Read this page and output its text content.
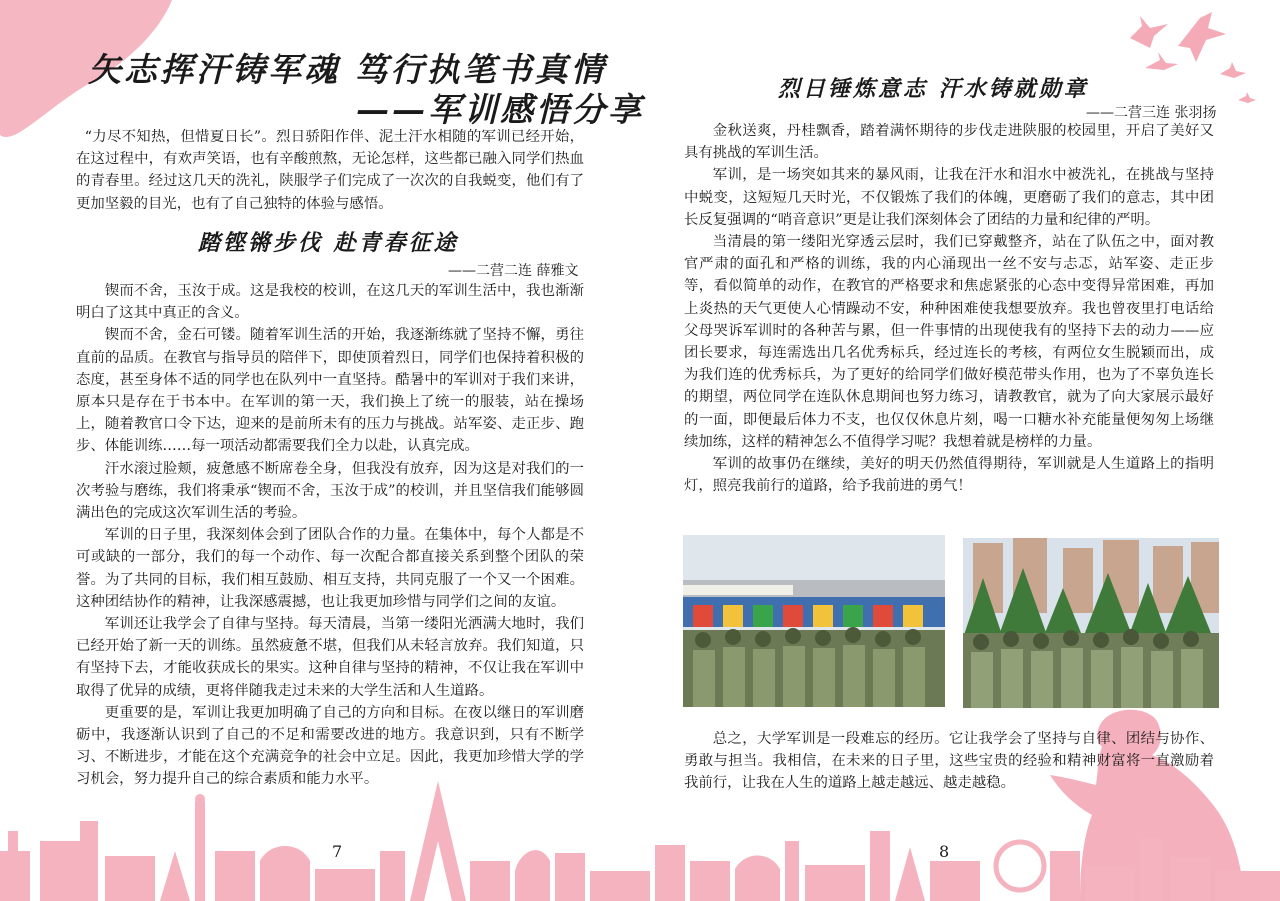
矢志挥汗铸军魂 笃行执笔书真情
——军训感悟分享

“力尽不知热，但惜夏日长”。烈日骄阳作伴、泥土汗水相随的军训已经开始，在这过程中，有欢声笑语，也有辛酸煎熬，无论怎样，这些都已融入同学们热血的青春里。经过这几天的洗礼，陕服学子们完成了一次次的自我蜕变，他们有了更加坚毅的目光，也有了自己独特的体验与感悟。

踏铿锵步伐 赴青春征途
——二营二连 薛雅文

锲而不舍，玉汝于成。这是我校的校训，在这几天的军训生活中，我也渐渐明白了这其中真正的含义。

锲而不舍，金石可镂。随着军训生活的开始，我逐渐练就了坚持不懈，勇往直前的品质。在教官与指导员的陪伴下，即使顶着烈日，同学们也保持着积极的态度，甚至身体不适的同学也在队列中一直坚持。酷暑中的军训对于我们来讲，原本只是存在于书本中。在军训的第一天，我们换上了统一的服装，站在操场上，随着教官口令下达，迎来的是前所未有的压力与挑战。站军姿、走正步、跑步、体能训练……每一项活动都需要我们全力以赴，认真完成。

汗水滚过脸颊，疲惫感不断席卷全身，但我没有放弃，因为这是对我们的一次考验与磨练，我们将秉承“锲而不舍，玉汝于成”的校训，并且坚信我们能够圆满出色的完成这次军训生活的考验。

军训的日子里，我深刻体会到了团队合作的力量。在集体中，每个人都是不可或缺的一部分，我们的每一个动作、每一次配合都直接关系到整个团队的荣誉。为了共同的目标，我们相互鼓励、相互支持，共同克服了一个又一个困难。这种团结协作的精神，让我深感震撼，也让我更加珍惜与同学们之间的友谊。

军训还让我学会了自律与坚持。每天清晨，当第一缕阳光洒满大地时，我们已经开始了新一天的训练。虽然疲惫不堪，但我们从未轻言放弃。我们知道，只有坚持下去，才能收获成长的果实。这种自律与坚持的精神，不仅让我在军训中取得了优异的成绩，更将伴随我走过未来的大学生活和人生道路。

更重要的是，军训让我更加明确了自己的方向和目标。在夜以继日的军训磨砺中，我逐渐认识到了自己的不足和需要改进的地方。我意识到，只有不断学习、不断进步，才能在这个充满竞争的社会中立足。因此，我更加珍惜大学的学习机会，努力提升自己的综合素质和能力水平。

7
烈日锤炼意志 汗水铸就勋章
——二营三连 张羽扬

金秋送爽，丹桂飘香，踏着满怀期待的步伐走进陕服的校园里，开启了美好又具有挑战的军训生活。

军训，是一场突如其来的暴风雨，让我在汗水和泪水中被洗礼，在挑战与坚持中蜕变，这短短几天时光，不仅锻炼了我们的体魄，更磨砺了我们的意志，其中团长反复强调的“哨音意识”更是让我们深刻体会了团结的力量和纪律的严明。

当清晨的第一缕阳光穿透云层时，我们已穿戴整齐，站在了队伍之中，面对教官严肃的面孔和严格的训练，我的内心涌现出一丝不安与忐忑，站军姿、走正步等，看似简单的动作，在教官的严格要求和焦虑紧张的心态中变得异常困难，再加上炎热的天气更使人心情躁动不安，种种困难使我想要放弃。我也曾夜里打电话给父母哭诉军训时的各种苦与累，但一件事情的出现使我有的坚持下去的动力——应团长要求，每连需选出几名优秀标兵，经过连长的考核，有两位女生脱颖而出，成为我们连的优秀标兵，为了更好的给同学们做好模范带头作用，也为了不辜负连长的期望，两位同学在连队休息期间也努力练习，请教教官，就为了向大家展示最好的一面，即便最后体力不支，也仅仅休息片刻，喝一口糖水补充能量便匆匆上场继续加练，这样的精神怎么不值得学习呢？我想着就是榜样的力量。

军训的故事仍在继续，美好的明天仍然值得期待，军训就是人生道路上的指明灯，照亮我前行的道路，给予我前进的勇气！

总之，大学军训是一段难忘的经历。它让我学会了坚持与自律、团结与协作、勇敢与担当。我相信，在未来的日子里，这些宝贵的经验和精神财富将一直激励着我前行，让我在人生的道路上越走越远、越走越稳。

8
